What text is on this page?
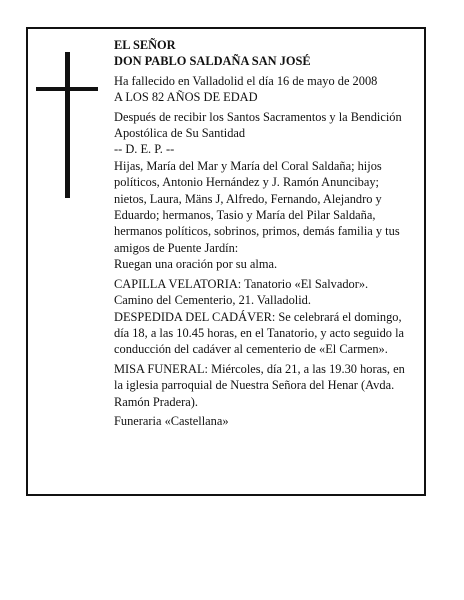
EL SEÑOR

DON PABLO SALDAÑA SAN JOSÉ

Ha fallecido en Valladolid el día 16 de mayo de 2008

A LOS 82 AÑOS DE EDAD

Después de recibir los Santos Sacramentos y la Bendición Apostólica de Su Santidad

-- D. E. P. --

Hijas, María del Mar y María del Coral Saldaña; hijos políticos, Antonio Hernández y J. Ramón Anuncibay; nietos, Laura, Mäns J, Alfredo, Fernando, Alejandro y Eduardo; hermanos, Tasio y María del Pilar Saldaña, hermanos políticos, sobrinos, primos, demás familia y tus amigos de Puente Jardín:

Ruegan una oración por su alma.

CAPILLA VELATORIA: Tanatorio «El Salvador».

Camino del Cementerio, 21. Valladolid.

DESPEDIDA DEL CADÁVER: Se celebrará el domingo, día 18, a las 10.45 horas, en el Tanatorio, y acto seguido la conducción del cadáver al cementerio de «El Carmen».

MISA FUNERAL: Miércoles, día 21, a las 19.30 horas, en la iglesia parroquial de Nuestra Señora del Henar (Avda. Ramón Pradera).

Funeraria «Castellana»
